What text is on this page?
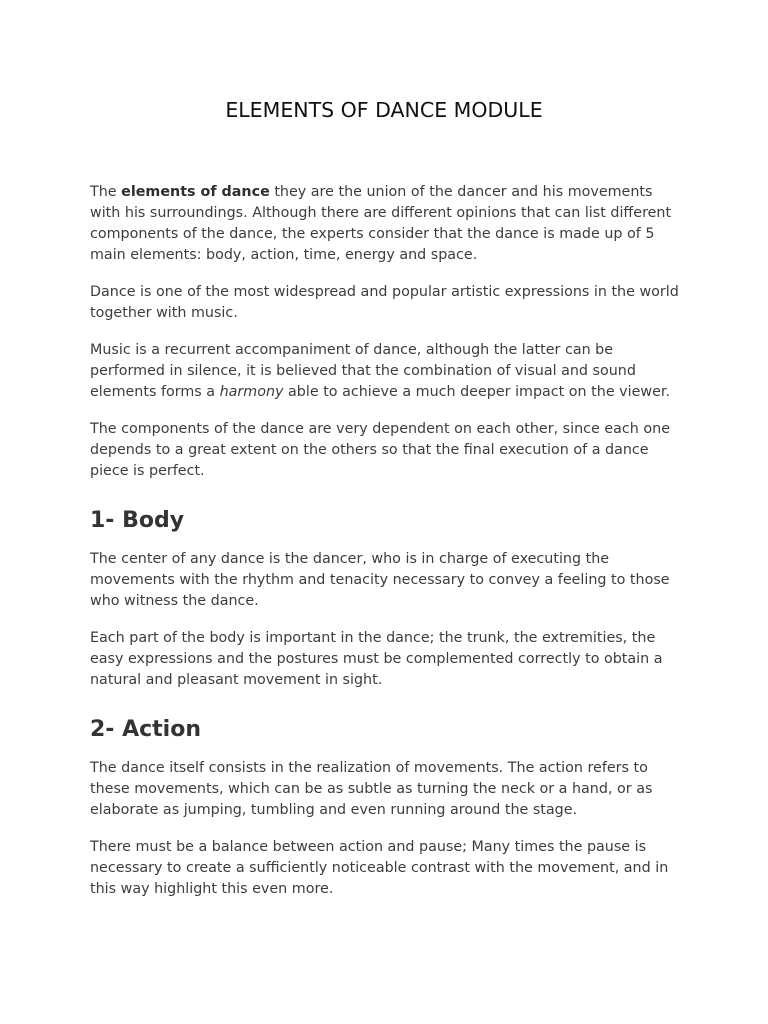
ELEMENTS OF DANCE MODULE

The elements of dance they are the union of the dancer and his movements with his surroundings. Although there are different opinions that can list different components of the dance, the experts consider that the dance is made up of 5 main elements: body, action, time, energy and space.

Dance is one of the most widespread and popular artistic expressions in the world together with music.

Music is a recurrent accompaniment of dance, although the latter can be performed in silence, it is believed that the combination of visual and sound elements forms a harmony able to achieve a much deeper impact on the viewer.

The components of the dance are very dependent on each other, since each one depends to a great extent on the others so that the final execution of a dance piece is perfect.

1- Body

The center of any dance is the dancer, who is in charge of executing the movements with the rhythm and tenacity necessary to convey a feeling to those who witness the dance.

Each part of the body is important in the dance; the trunk, the extremities, the easy expressions and the postures must be complemented correctly to obtain a natural and pleasant movement in sight.

2- Action

The dance itself consists in the realization of movements. The action refers to these movements, which can be as subtle as turning the neck or a hand, or as elaborate as jumping, tumbling and even running around the stage.

There must be a balance between action and pause; Many times the pause is necessary to create a sufficiently noticeable contrast with the movement, and in this way highlight this even more.
